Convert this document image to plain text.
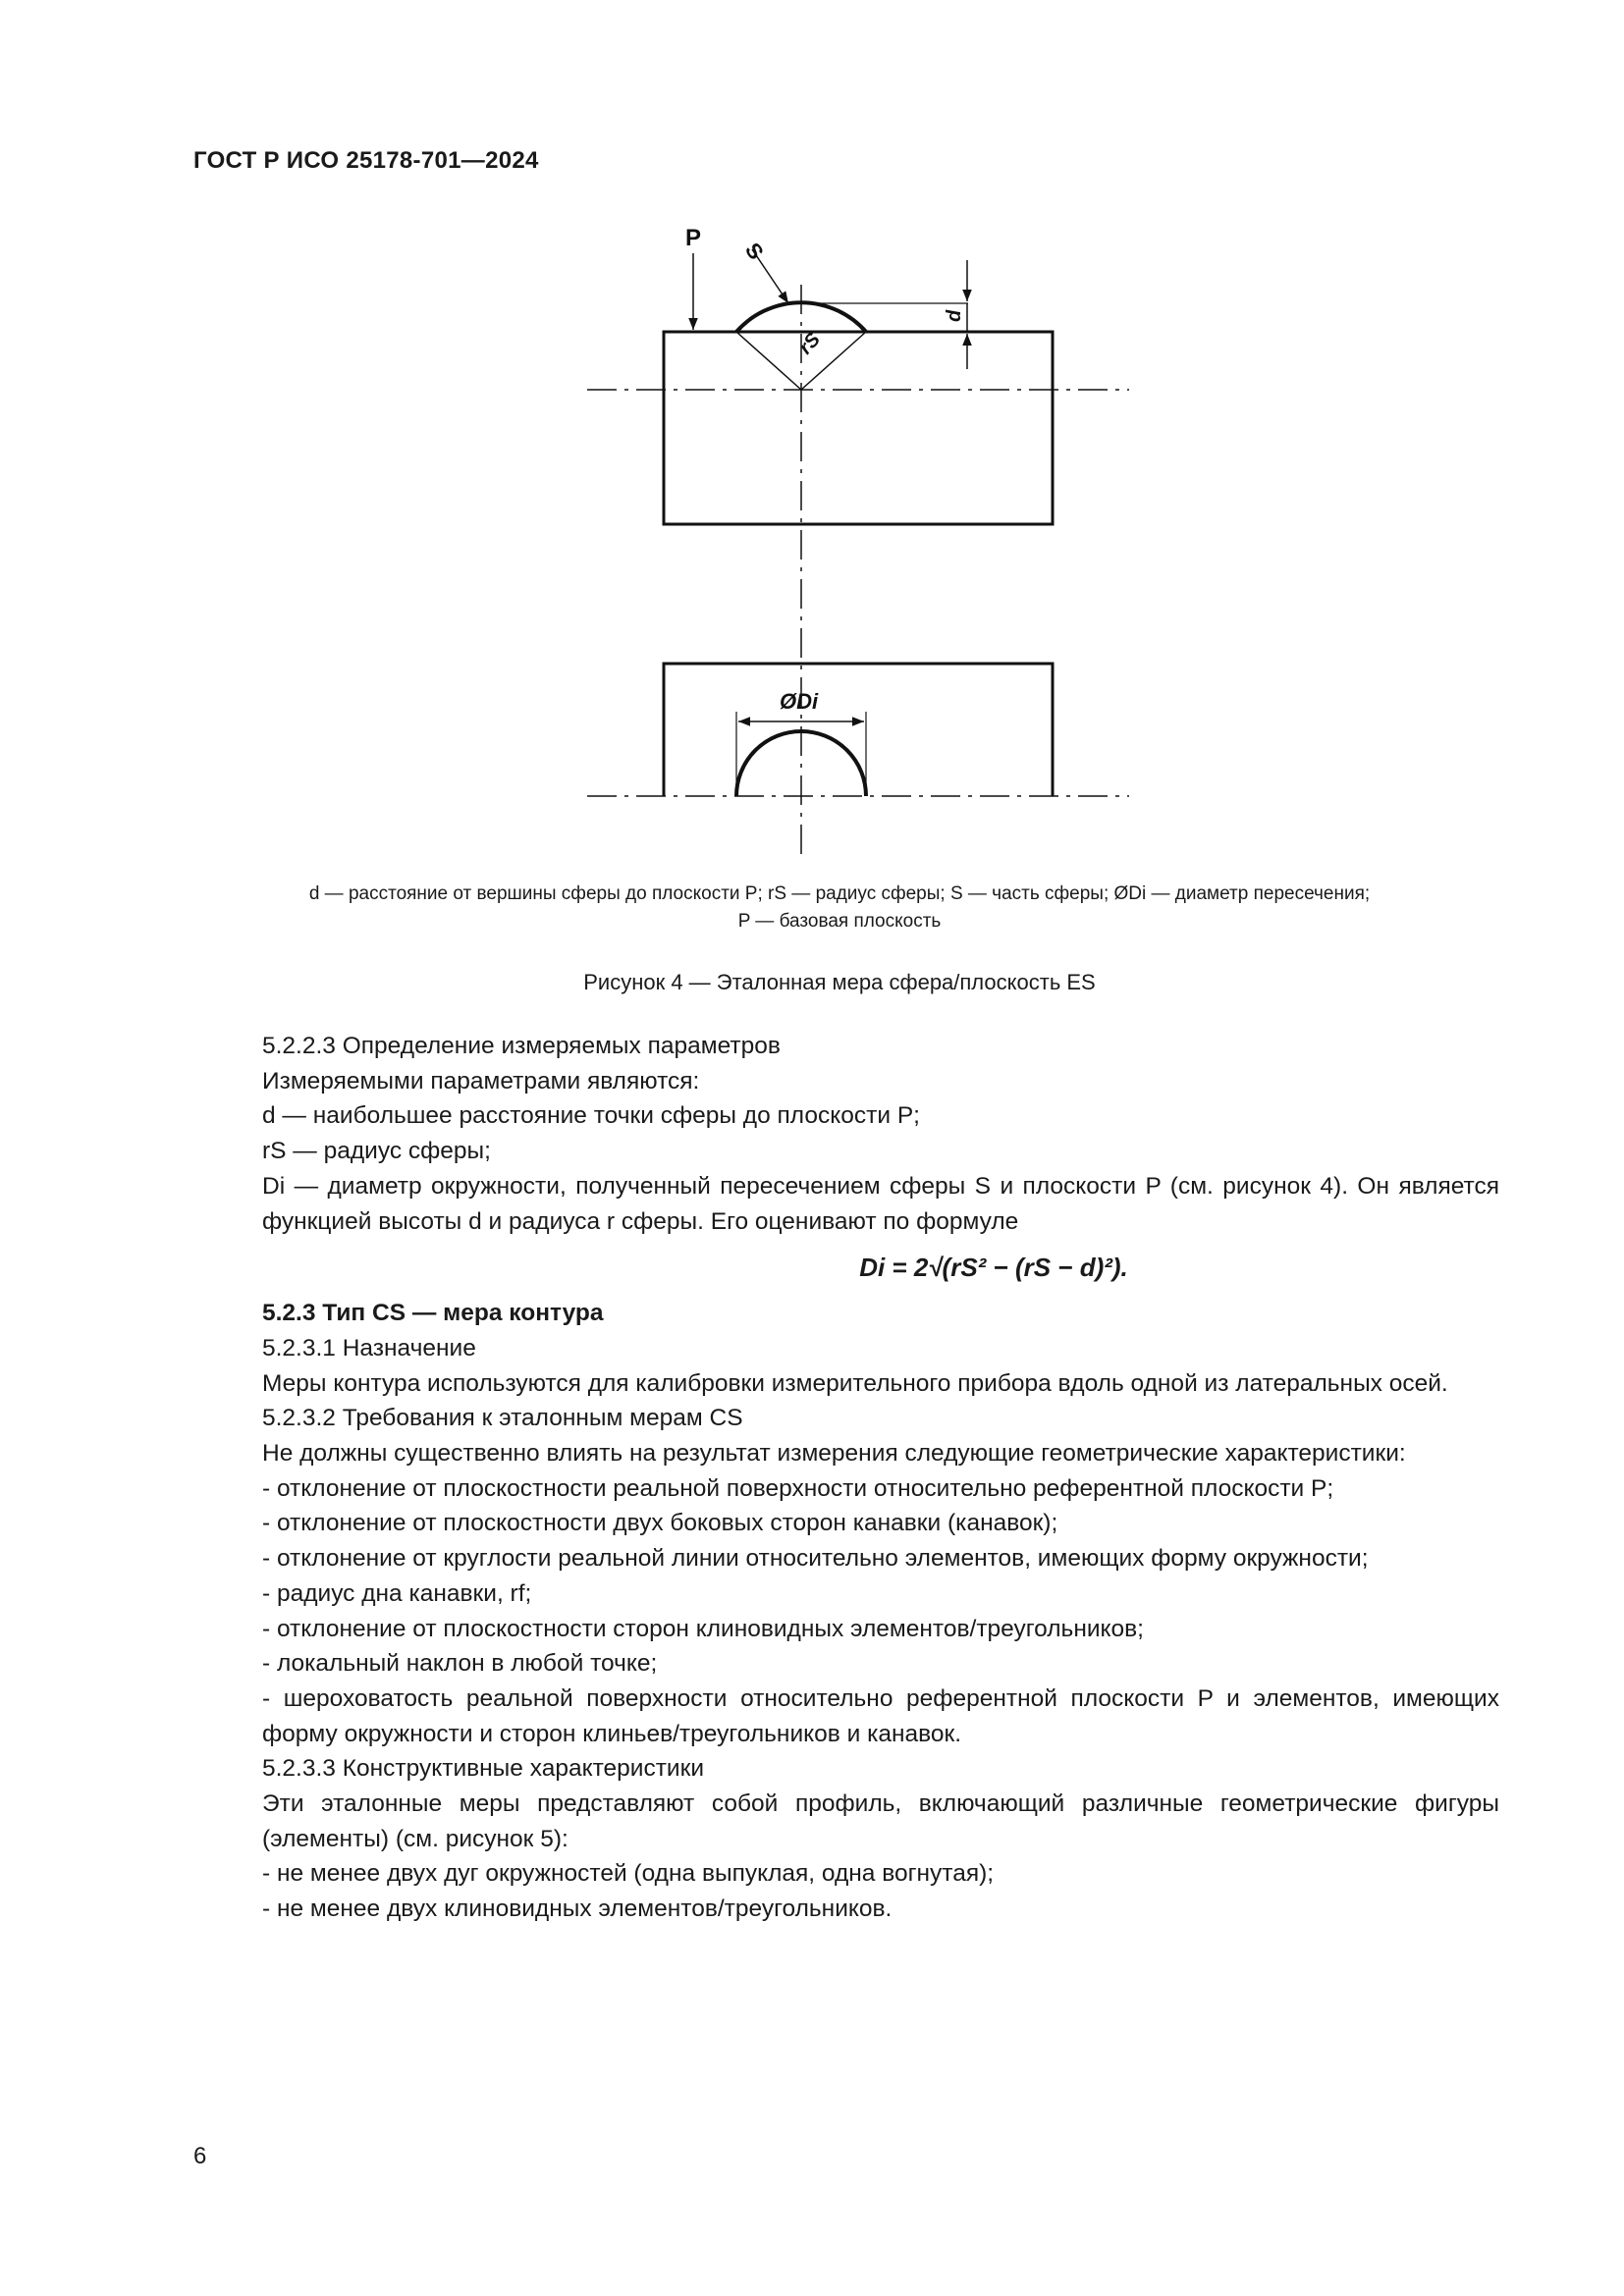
ГОСТ Р ИСО 25178-701—2024
P S
d
rS
ØDi
d — расстояние от вершины сферы до плоскости P; rS — радиус сферы; S — часть сферы; ØDi — диаметр пересечения;
P — базовая плоскость
Рисунок 4 — Эталонная мера сфера/плоскость ES

5.2.2.3 Определение измеряемых параметров

Измеряемыми параметрами являются:

d — наибольшее расстояние точки сферы до плоскости P;

rS — радиус сферы;

Di — диаметр окружности, полученный пересечением сферы S и плоскости P (см. рисунок 4). Он является функцией высоты d и радиуса r сферы. Его оценивают по формуле

Di = 2√(rS² − (rS − d)²).

5.2.3 Тип CS — мера контура

5.2.3.1 Назначение

Меры контура используются для калибровки измерительного прибора вдоль одной из латеральных осей.

5.2.3.2 Требования к эталонным мерам CS

Не должны существенно влиять на результат измерения следующие геометрические характеристики:

- отклонение от плоскостности реальной поверхности относительно референтной плоскости P;

- отклонение от плоскостности двух боковых сторон канавки (канавок);

- отклонение от круглости реальной линии относительно элементов, имеющих форму окружности;

- радиус дна канавки, rf;

- отклонение от плоскостности сторон клиновидных элементов/треугольников;

- локальный наклон в любой точке;

- шероховатость реальной поверхности относительно референтной плоскости P и элементов, имеющих форму окружности и сторон клиньев/треугольников и канавок.

5.2.3.3 Конструктивные характеристики

Эти эталонные меры представляют собой профиль, включающий различные геометрические фигуры (элементы) (см. рисунок 5):

- не менее двух дуг окружностей (одна выпуклая, одна вогнутая);

- не менее двух клиновидных элементов/треугольников.

6
